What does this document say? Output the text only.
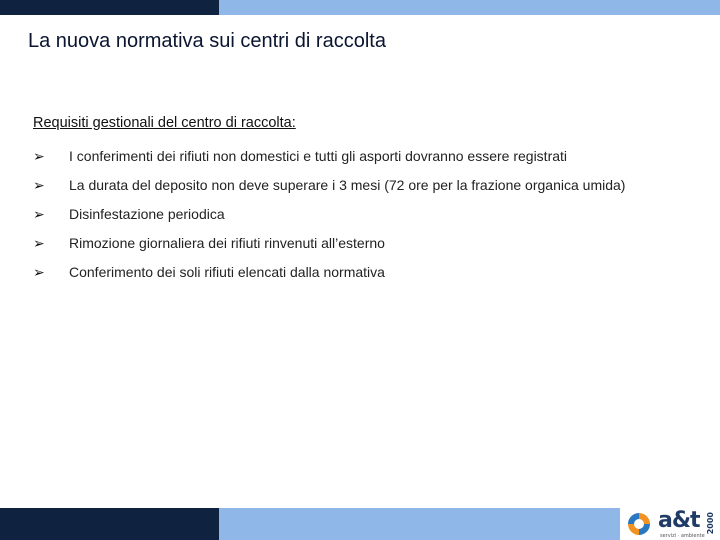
La nuova normativa sui centri di raccolta
Requisiti gestionali del centro di raccolta:
➢ I conferimenti dei rifiuti non domestici e tutti gli asporti dovranno essere registrati
➢ La durata del deposito non deve superare i 3 mesi (72 ore per la frazione organica umida)
➢ Disinfestazione periodica
➢ Rimozione giornaliera dei rifiuti rinvenuti all’esterno
➢ Conferimento dei soli rifiuti elencati dalla normativa
a&t 2000
servizi · ambiente
